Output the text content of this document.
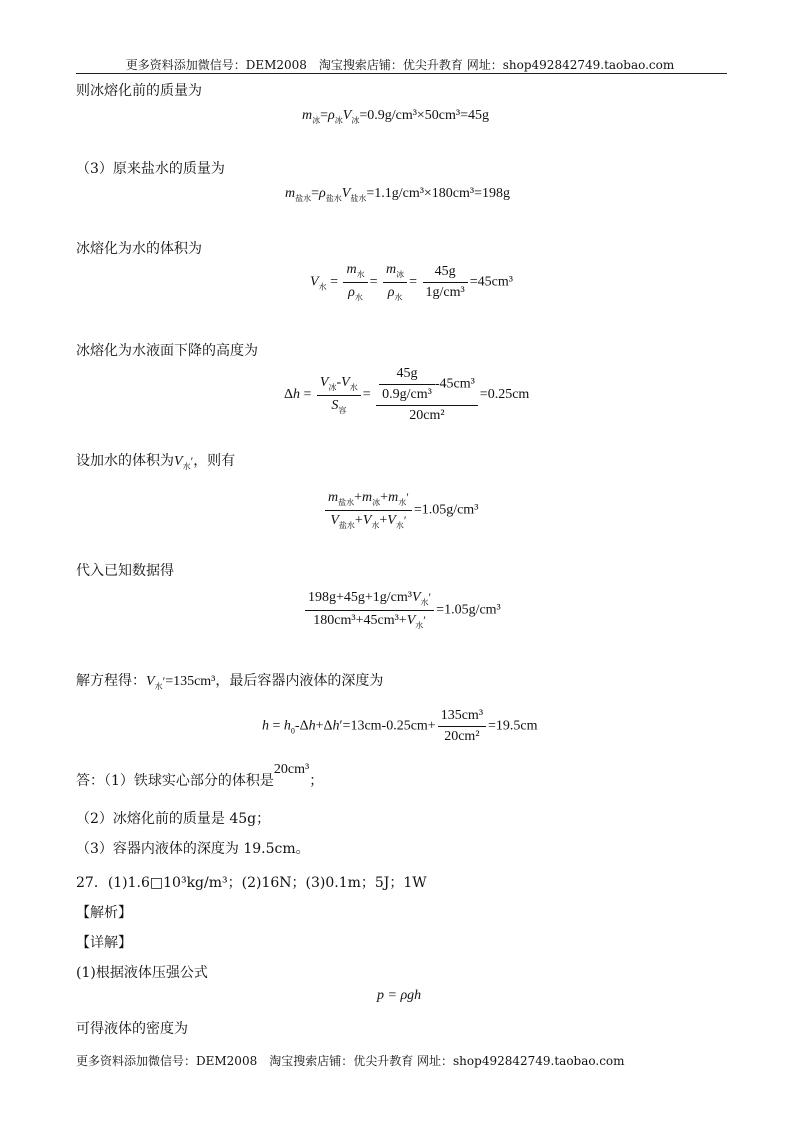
更多资料添加微信号：DEM2008　淘宝搜索店铺：优尖升教育 网址：shop492842749.taobao.com
则冰熔化前的质量为
$m_冰=\rho_冰V_冰=0.9g/cm^3\times 50cm^3=45g$
（3）原来盐水的质量为
$m_{盐水}=\rho_{盐水}V_{盐水}=1.1g/cm^3\times 180cm^3=198g$
冰熔化为水的体积为
$V_水 = \frac{m_水}{\rho_水} = \frac{m_冰}{\rho_水} = \frac{45g}{\text{1g/cm³}} =45cm^3$
冰熔化为水液面下降的高度为
$\Delta h = \frac{V_冰-V_水}{S_容} = \frac{\frac{45g}{\text{0.9g/cm³}} -45cm^3}{\text{20cm²}} =0.25cm$
设加水的体积为$V_水'$，则有
$\frac{m_{盐水}+m_冰+m_水'}{V_{盐水}+V_水+V_水'} =1.05g/cm^3$
代入已知数据得
$\frac{198g+45g+1g/cm^3V_水'}{180cm^3+45cm^3+V_水'} =1.05g/cm^3$
解方程得：$V_水'=135cm^3$，最后容器内液体的深度为
$h = h_0-\Delta h+\Delta h'=13cm-0.25cm+ \frac{\text{135cm³}}{\text{20cm²}} =19.5cm$
答：（1）铁球实心部分的体积是20cm³；
（2）冰熔化前的质量是 45g；
（3）容器内液体的深度为 19.5cm。
27．(1)1.6□10³kg/m³；(2)16N；(3)0.1m；5J；1W
【解析】
【详解】
(1)根据液体压强公式
p = ρgh
可得液体的密度为
更多资料添加微信号：DEM2008　淘宝搜索店铺：优尖升教育 网址：shop492842749.taobao.com
